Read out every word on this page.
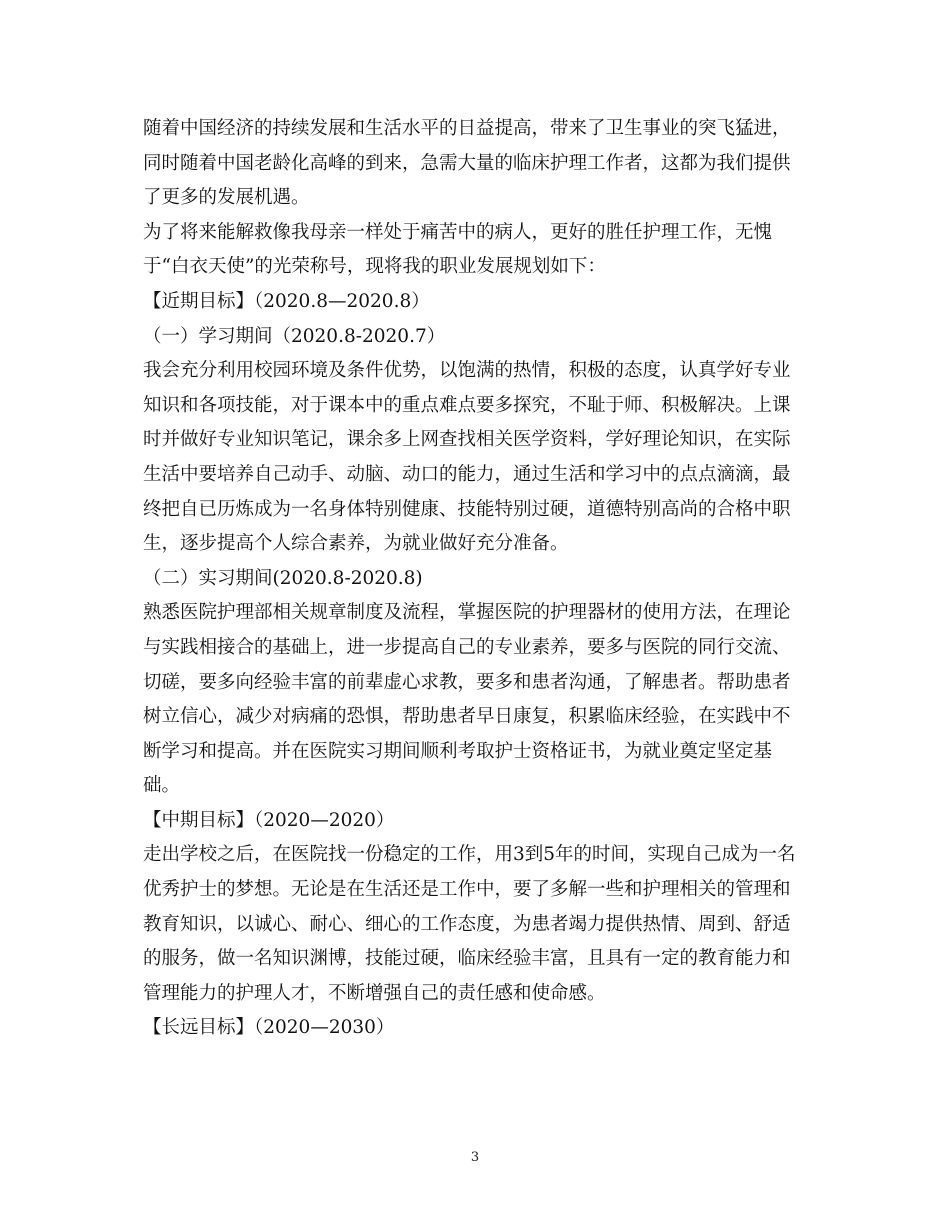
随着中国经济的持续发展和生活水平的日益提高，带来了卫生事业的突飞猛进，
同时随着中国老龄化高峰的到来，急需大量的临床护理工作者，这都为我们提供
了更多的发展机遇。
为了将来能解救像我母亲一样处于痛苦中的病人，更好的胜任护理工作，无愧
于“白衣天使”的光荣称号，现将我的职业发展规划如下：
【近期目标】（2020.8—2020.8）
（一）学习期间（2020.8-2020.7）
我会充分利用校园环境及条件优势，以饱满的热情，积极的态度，认真学好专业
知识和各项技能，对于课本中的重点难点要多探究，不耻于师、积极解决。上课
时并做好专业知识笔记，课余多上网查找相关医学资料，学好理论知识，在实际
生活中要培养自己动手、动脑、动口的能力，通过生活和学习中的点点滴滴，最
终把自已历炼成为一名身体特别健康、技能特别过硬，道德特别高尚的合格中职
生，逐步提高个人综合素养，为就业做好充分准备。
（二）实习期间(2020.8-2020.8)
熟悉医院护理部相关规章制度及流程，掌握医院的护理器材的使用方法，在理论
与实践相接合的基础上，进一步提高自己的专业素养，要多与医院的同行交流、
切磋，要多向经验丰富的前辈虚心求教，要多和患者沟通，了解患者。帮助患者
树立信心，减少对病痛的恐惧，帮助患者早日康复，积累临床经验，在实践中不
断学习和提高。并在医院实习期间顺利考取护士资格证书，为就业奠定坚定基
础。
【中期目标】（2020—2020）
走出学校之后，在医院找一份稳定的工作，用3到5年的时间，实现自己成为一名
优秀护士的梦想。无论是在生活还是工作中，要了多解一些和护理相关的管理和
教育知识，以诚心、耐心、细心的工作态度，为患者竭力提供热情、周到、舒适
的服务，做一名知识渊博，技能过硬，临床经验丰富，且具有一定的教育能力和
管理能力的护理人才，不断增强自己的责任感和使命感。
【长远目标】（2020—2030）
3
